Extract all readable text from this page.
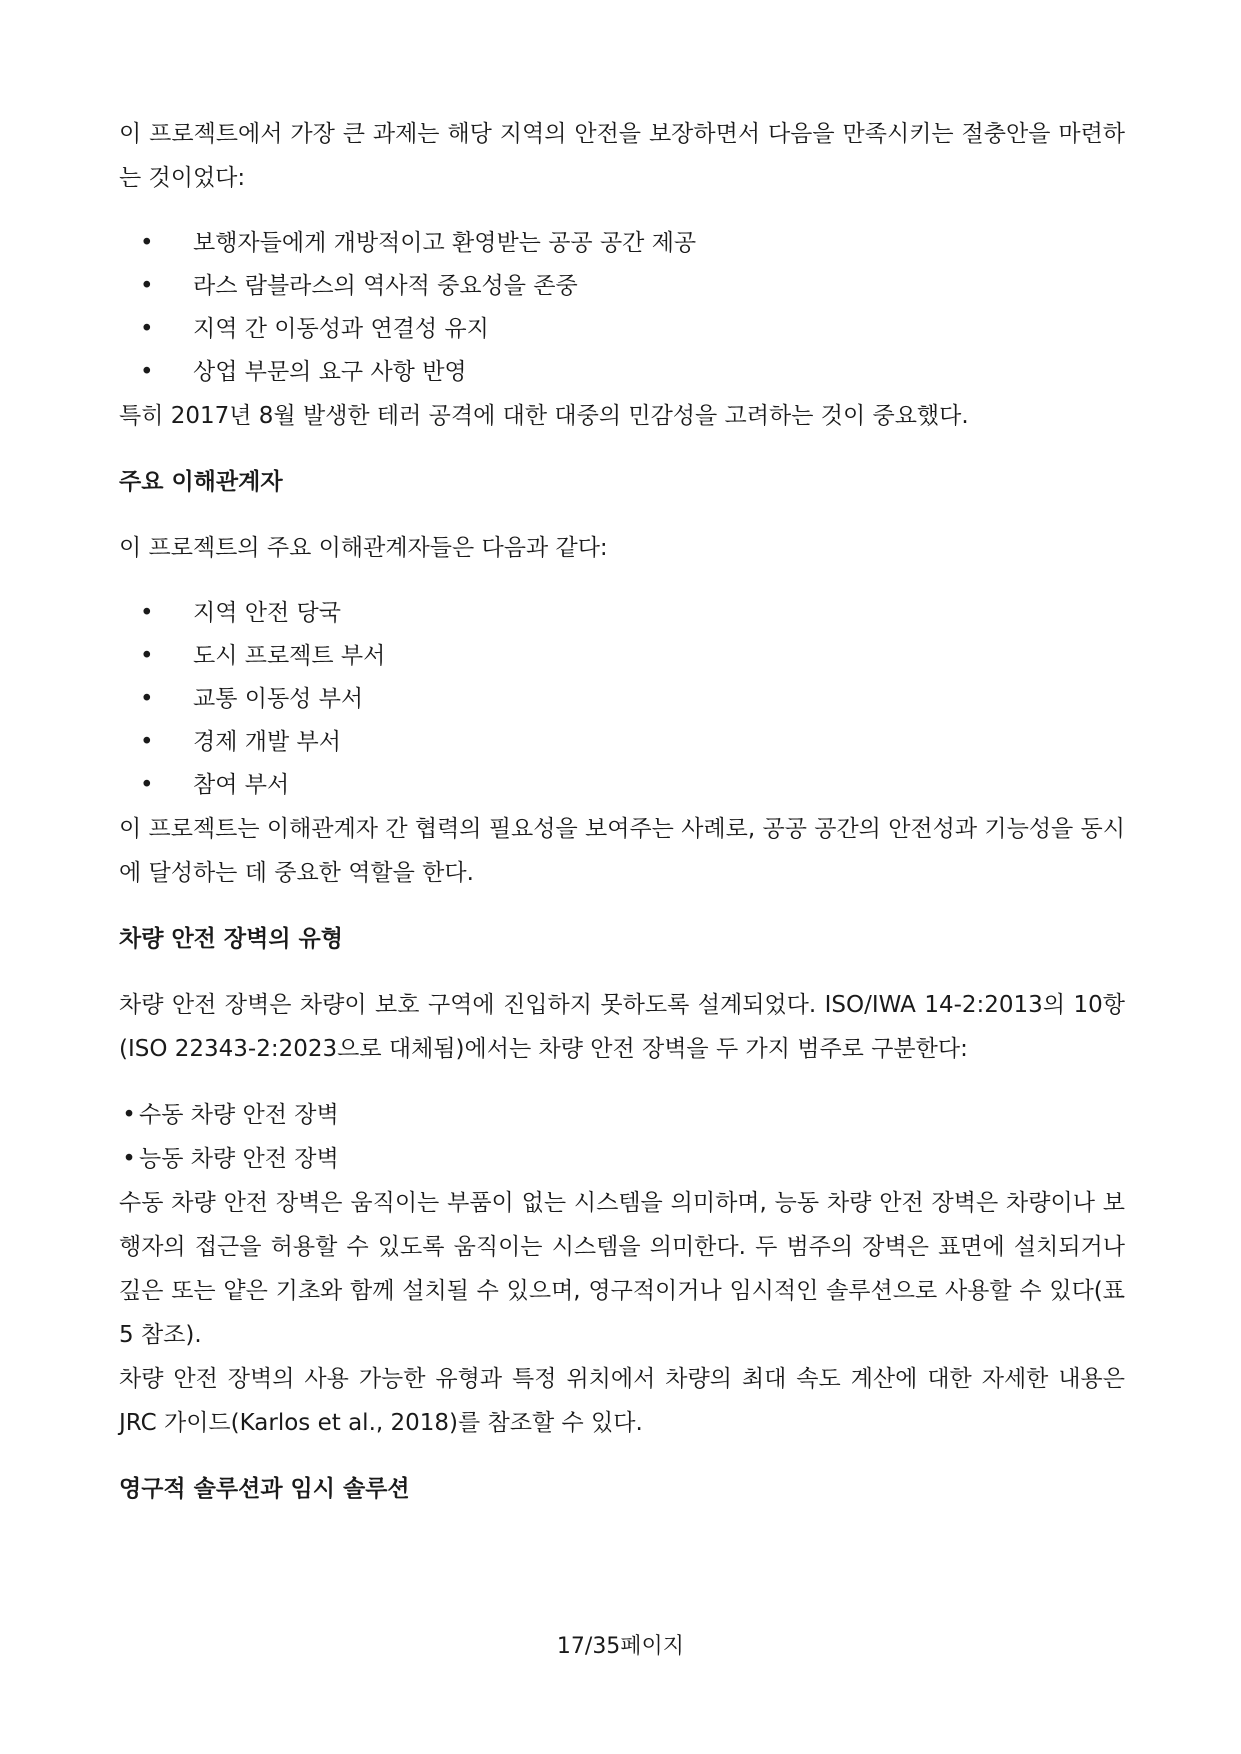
이 프로젝트에서 가장 큰 과제는 해당 지역의 안전을 보장하면서 다음을 만족시키는 절충안을 마련하는 것이었다:

• 보행자들에게 개방적이고 환영받는 공공 공간 제공
• 라스 람블라스의 역사적 중요성을 존중
• 지역 간 이동성과 연결성 유지
• 상업 부문의 요구 사항 반영

특히 2017년 8월 발생한 테러 공격에 대한 대중의 민감성을 고려하는 것이 중요했다.

주요 이해관계자

이 프로젝트의 주요 이해관계자들은 다음과 같다:

• 지역 안전 당국
• 도시 프로젝트 부서
• 교통 이동성 부서
• 경제 개발 부서
• 참여 부서

이 프로젝트는 이해관계자 간 협력의 필요성을 보여주는 사례로, 공공 공간의 안전성과 기능성을 동시에 달성하는 데 중요한 역할을 한다.

차량 안전 장벽의 유형

차량 안전 장벽은 차량이 보호 구역에 진입하지 못하도록 설계되었다. ISO/IWA 14-2:2013의 10항(ISO 22343-2:2023으로 대체됨)에서는 차량 안전 장벽을 두 가지 범주로 구분한다:

• 수동 차량 안전 장벽

• 능동 차량 안전 장벽

수동 차량 안전 장벽은 움직이는 부품이 없는 시스템을 의미하며, 능동 차량 안전 장벽은 차량이나 보행자의 접근을 허용할 수 있도록 움직이는 시스템을 의미한다. 두 범주의 장벽은 표면에 설치되거나 깊은 또는 얕은 기초와 함께 설치될 수 있으며, 영구적이거나 임시적인 솔루션으로 사용할 수 있다(표 5 참조).

차량 안전 장벽의 사용 가능한 유형과 특정 위치에서 차량의 최대 속도 계산에 대한 자세한 내용은 JRC 가이드(Karlos et al., 2018)를 참조할 수 있다.

영구적 솔루션과 임시 솔루션
17/35페이지
